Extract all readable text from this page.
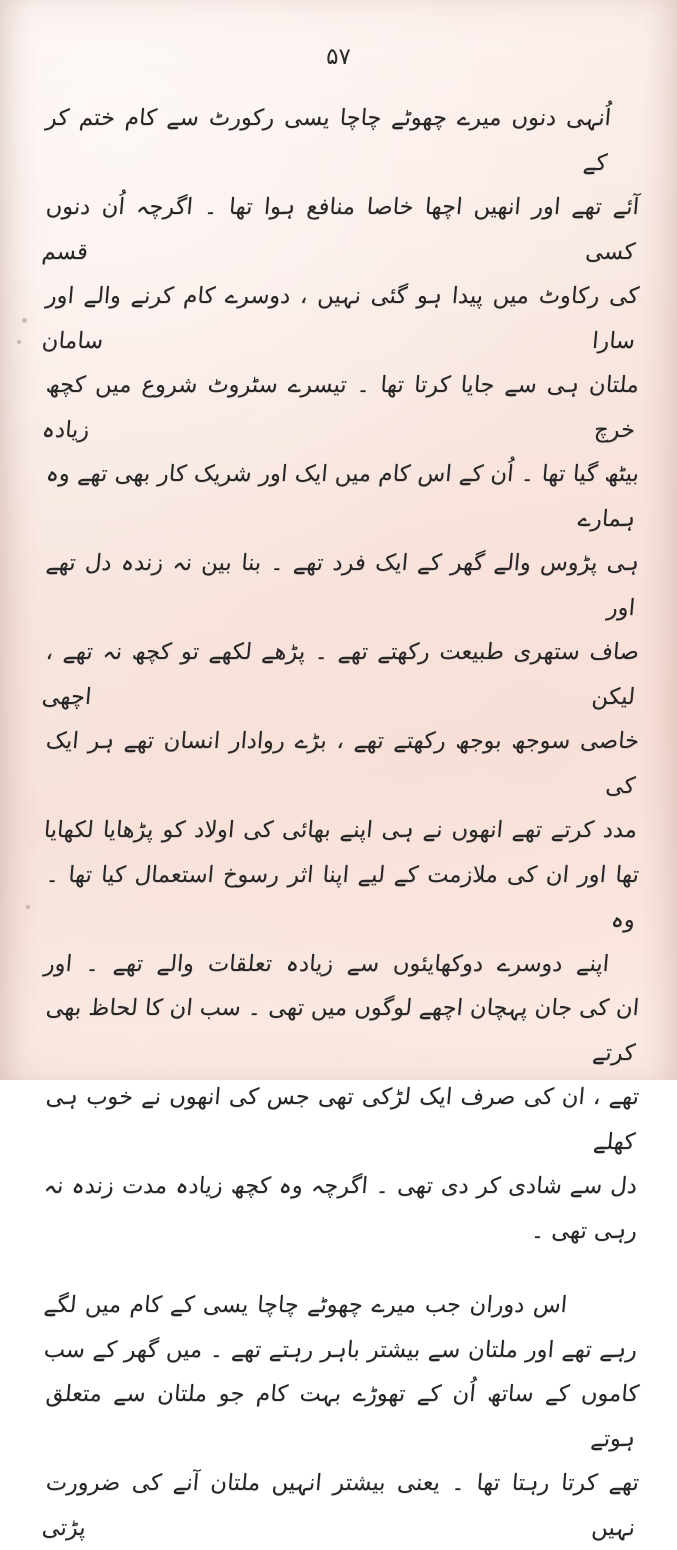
۵۷
اُنہی دنوں میرے چھوٹے چاچا یسی رکورٹ سے کام ختم کر کے
آئے تھے اور انھیں اچھا خاصا منافع ہوا تھا ۔ اگرچہ اُن دنوں کسی قسم
کی رکاوٹ میں پیدا ہو گئی نہیں ، دوسرے کام کرنے والے اور سارا سامان
ملتان ہی سے جایا کرتا تھا ۔ تیسرے سٹروٹ شروع میں کچھ خرچ زیادہ
بیٹھ گیا تھا ۔ اُن کے اس کام میں ایک اور شریک کار بھی تھے وہ ہمارے
ہی پڑوس والے گھر کے ایک فرد تھے ۔ بنا بین نہ زندہ دل تھے اور
صاف ستھری طبیعت رکھتے تھے ۔ پڑھے لکھے تو کچھ نہ تھے ، لیکن اچھی
خاصی سوجھ بوجھ رکھتے تھے ، بڑے روادار انسان تھے ہر ایک کی
مدد کرتے تھے انھوں نے ہی اپنے بھائی کی اولاد کو پڑھایا لکھایا
تھا اور ان کی ملازمت کے لیے اپنا اثر رسوخ استعمال کیا تھا ۔ وہ
اپنے دوسرے دوکھایئوں سے زیادہ تعلقات والے تھے ۔ اور
ان کی جان پہچان اچھے لوگوں میں تھی ۔ سب ان کا لحاظ بھی کرتے
تھے ، ان کی صرف ایک لڑکی تھی جس کی انھوں نے خوب ہی کھلے
دل سے شادی کر دی تھی ۔ اگرچہ وہ کچھ زیادہ مدت زندہ نہ
رہی تھی ۔
اس دوران جب میرے چھوٹے چاچا یسی کے کام میں لگے
رہے تھے اور ملتان سے بیشتر باہر رہتے تھے ۔ میں گھر کے سب
کاموں کے ساتھ اُن کے تھوڑے بہت کام جو ملتان سے متعلق ہوتے
تھے کرتا رہتا تھا ۔ یعنی بیشتر انہیں ملتان آنے کی ضرورت نہیں پڑتی
